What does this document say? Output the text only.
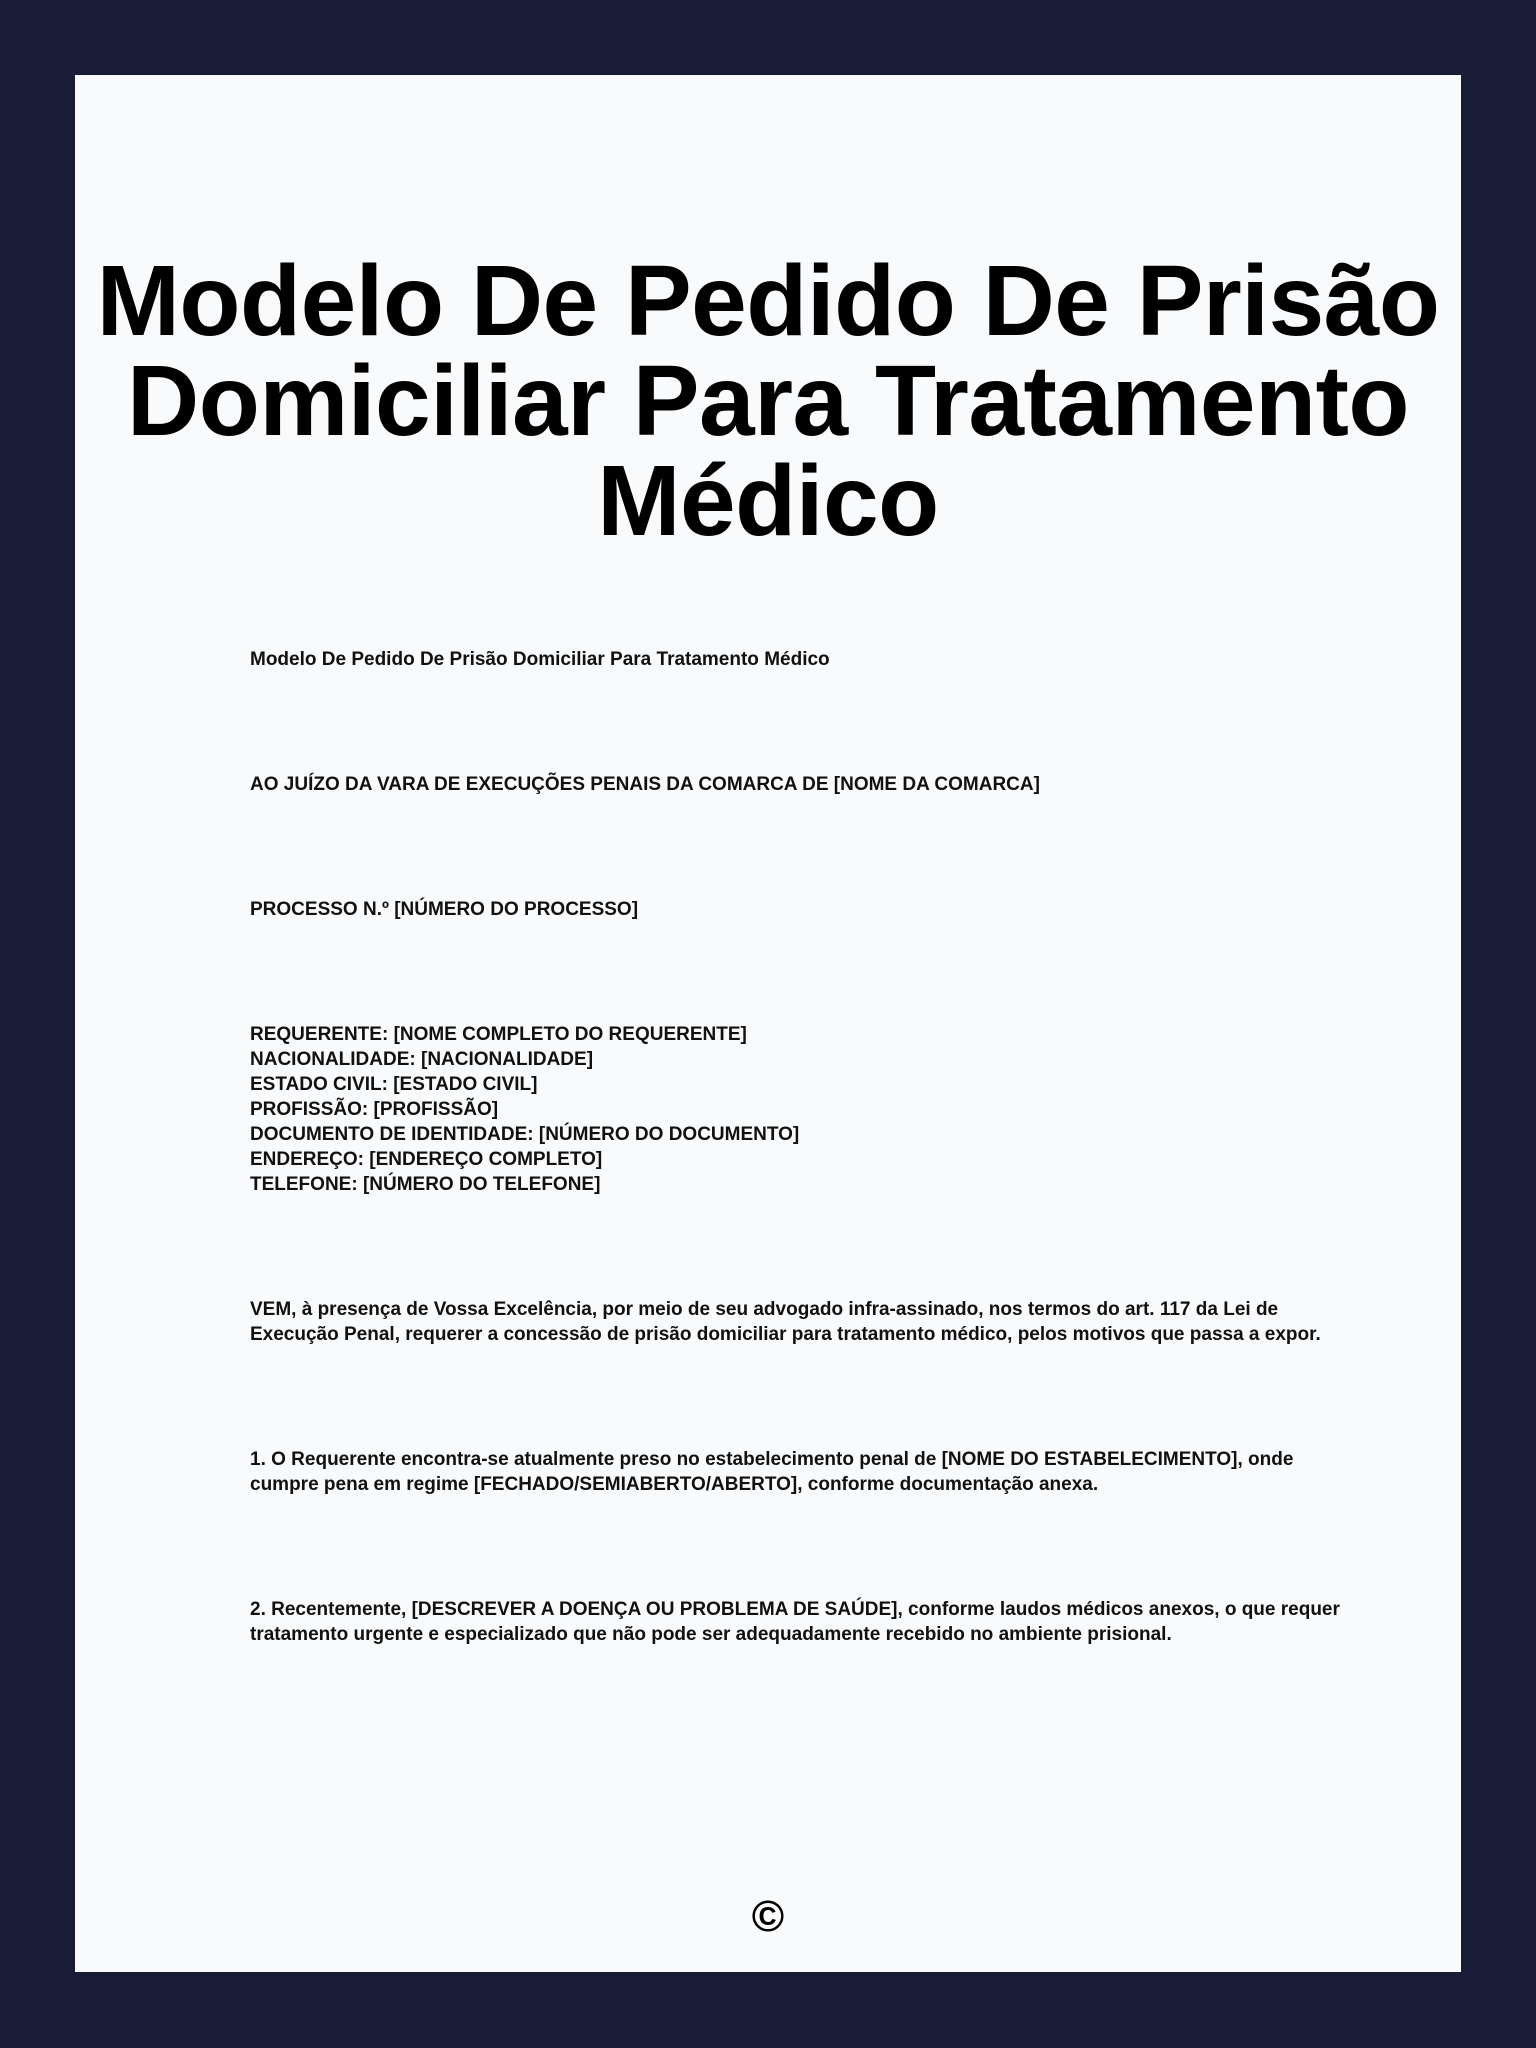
Modelo De Pedido De Prisão
Domiciliar Para Tratamento
Médico

Modelo De Pedido De Prisão Domiciliar Para Tratamento Médico

AO JUÍZO DA VARA DE EXECUÇÕES PENAIS DA COMARCA DE [NOME DA COMARCA]

PROCESSO N.º [NÚMERO DO PROCESSO]

REQUERENTE: [NOME COMPLETO DO REQUERENTE]
NACIONALIDADE: [NACIONALIDADE]
ESTADO CIVIL: [ESTADO CIVIL]
PROFISSÃO: [PROFISSÃO]
DOCUMENTO DE IDENTIDADE: [NÚMERO DO DOCUMENTO]
ENDEREÇO: [ENDEREÇO COMPLETO]
TELEFONE: [NÚMERO DO TELEFONE]

VEM, à presença de Vossa Excelência, por meio de seu advogado infra-assinado, nos termos do art. 117 da Lei de Execução Penal, requerer a concessão de prisão domiciliar para tratamento médico, pelos motivos que passa a expor.

1. O Requerente encontra-se atualmente preso no estabelecimento penal de [NOME DO ESTABELECIMENTO], onde cumpre pena em regime [FECHADO/SEMIABERTO/ABERTO], conforme documentação anexa.

2. Recentemente, [DESCREVER A DOENÇA OU PROBLEMA DE SAÚDE], conforme laudos médicos anexos, o que requer tratamento urgente e especializado que não pode ser adequadamente recebido no ambiente prisional.

©
